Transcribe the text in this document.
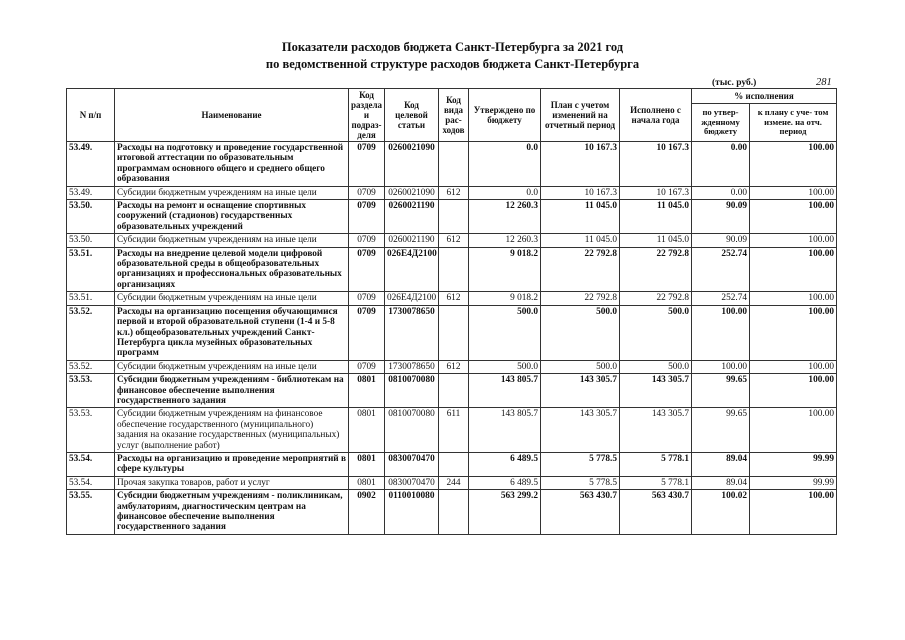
Показатели расходов бюджета Санкт-Петербурга за 2021 год
по ведомственной структуре расходов бюджета Санкт-Петербурга
(тыс. руб.)	281
N п/п	Наименование	Код раздела и подраз- деля	Код целевой статьи	Код вида рас- ходов	Утверждено по бюджету	План с учетом изменений на отчетный период	Исполнено с начала года	% исполнения	
								по утвер- жденному бюджету	к плану с уче- том измене. на отч. период
53.49.	Расходы на подготовку и проведение государственной итоговой аттестации по образовательным программам основного общего и среднего общего образования	0709	0260021090		0.0	10 167.3	10 167.3	0.00	100.00
53.49.	Субсидии бюджетным учреждениям на иные цели	0709	0260021090	612	0.0	10 167.3	10 167.3	0.00	100.00
53.50.	Расходы на ремонт и оснащение спортивных сооружений (стадионов) государственных образовательных учреждений	0709	0260021190		12 260.3	11 045.0	11 045.0	90.09	100.00
53.50.	Субсидии бюджетным учреждениям на иные цели	0709	0260021190	612	12 260.3	11 045.0	11 045.0	90.09	100.00
53.51.	Расходы на внедрение целевой модели цифровой образовательной среды в общеобразовательных организациях и профессиональных образовательных организациях	0709	026Е4Д2100		9 018.2	22 792.8	22 792.8	252.74	100.00
53.51.	Субсидии бюджетным учреждениям на иные цели	0709	026Е4Д2100	612	9 018.2	22 792.8	22 792.8	252.74	100.00
53.52.	Расходы на организацию посещения обучающимися первой и второй образовательной ступени (1-4 и 5-8 кл.) общеобразовательных учреждений Санкт-Петербурга цикла музейных образовательных программ	0709	1730078650		500.0	500.0	500.0	100.00	100.00
53.52.	Субсидии бюджетным учреждениям на иные цели	0709	1730078650	612	500.0	500.0	500.0	100.00	100.00
53.53.	Субсидии бюджетным учреждениям - библиотекам на финансовое обеспечение выполнения государственного задания	0801	0810070080		143 805.7	143 305.7	143 305.7	99.65	100.00
53.53.	Субсидии бюджетным учреждениям на финансовое обеспечение государственного (муниципального) задания на оказание государственных (муниципальных) услуг (выполнение работ)	0801	0810070080	611	143 805.7	143 305.7	143 305.7	99.65	100.00
53.54.	Расходы на организацию и проведение мероприятий в сфере культуры	0801	0830070470		6 489.5	5 778.5	5 778.1	89.04	99.99
53.54.	Прочая закупка товаров, работ и услуг	0801	0830070470	244	6 489.5	5 778.5	5 778.1	89.04	99.99
53.55.	Субсидии бюджетным учреждениям - поликлиникам, амбулаториям, диагностическим центрам на финансовое обеспечение выполнения государственного задания	0902	0110010080		563 299.2	563 430.7	563 430.7	100.02	100.00
